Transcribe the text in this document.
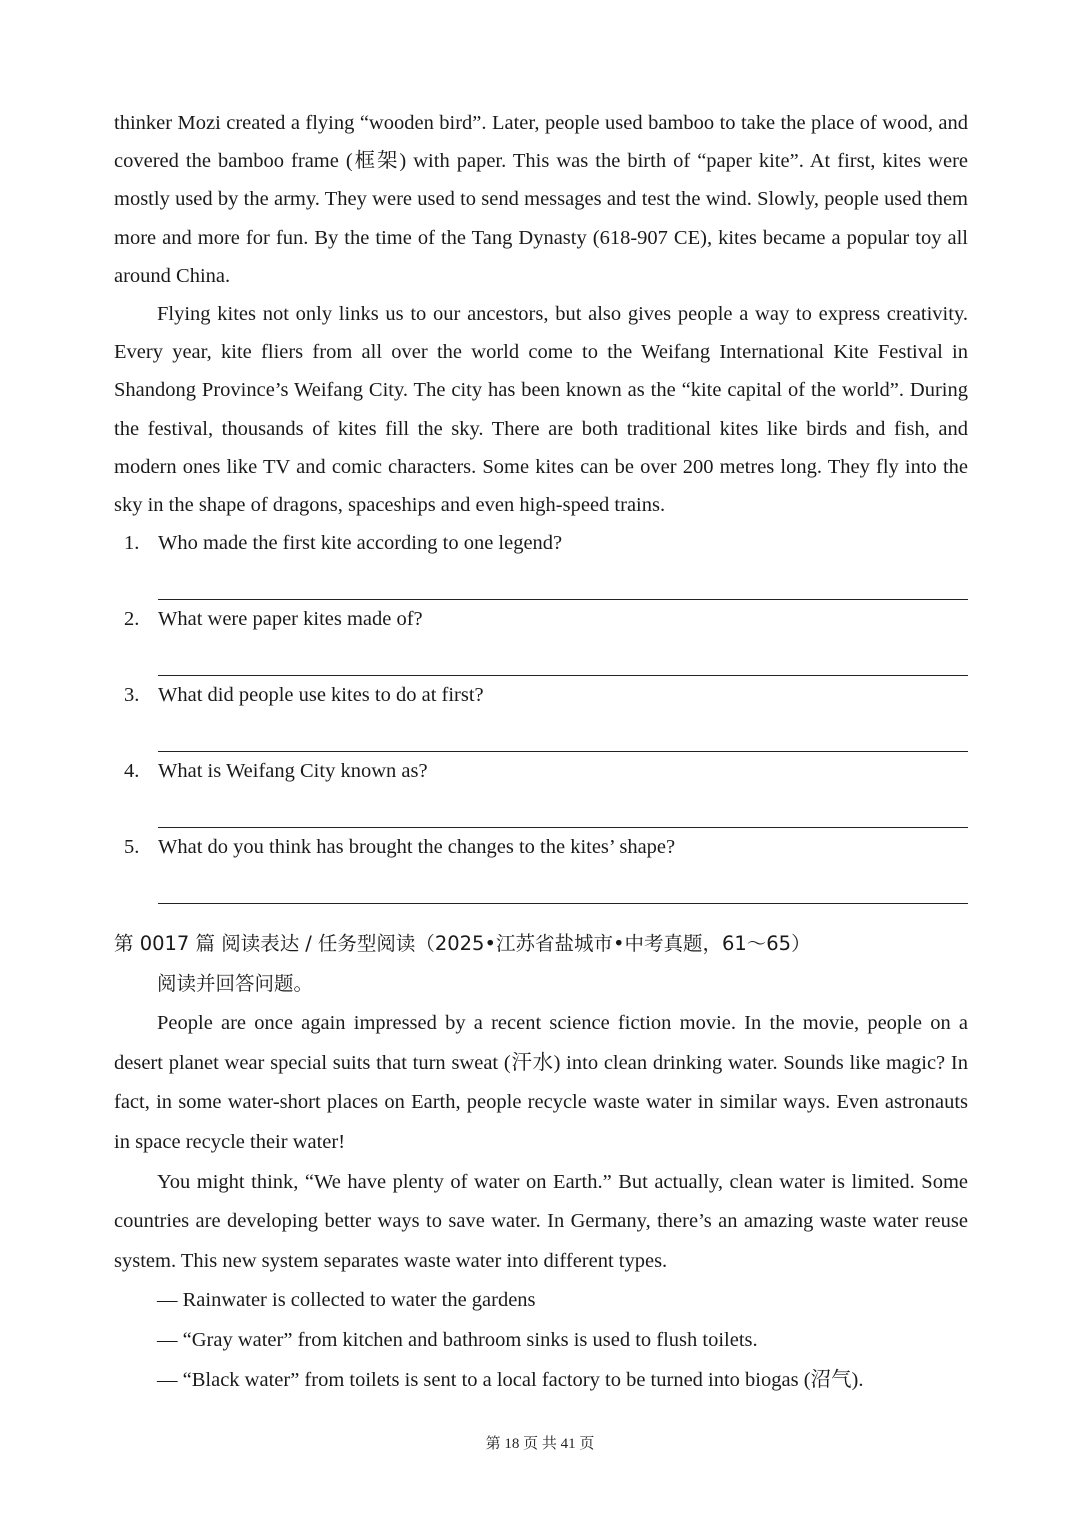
thinker Mozi created a flying “wooden bird”. Later, people used bamboo to take the place of wood, and covered the bamboo frame (框架) with paper. This was the birth of “paper kite”. At first, kites were mostly used by the army. They were used to send messages and test the wind. Slowly, people used them more and more for fun. By the time of the Tang Dynasty (618-907 CE), kites became a popular toy all around China.

Flying kites not only links us to our ancestors, but also gives people a way to express creativity. Every year, kite fliers from all over the world come to the Weifang International Kite Festival in Shandong Province’s Weifang City. The city has been known as the “kite capital of the world”. During the festival, thousands of kites fill the sky. There are both traditional kites like birds and fish, and modern ones like TV and comic characters. Some kites can be over 200 metres long. They fly into the sky in the shape of dragons, spaceships and even high-speed trains.

1. Who made the first kite according to one legend?
2. What were paper kites made of?
3. What did people use kites to do at first?
4. What is Weifang City known as?
5. What do you think has brought the changes to the kites’ shape?
第 0017 篇 阅读表达 / 任务型阅读（2025•江苏省盐城市•中考真题，61～65）

阅读并回答问题。

People are once again impressed by a recent science fiction movie. In the movie, people on a desert planet wear special suits that turn sweat (汗水) into clean drinking water. Sounds like magic? In fact, in some water-short places on Earth, people recycle waste water in similar ways. Even astronauts in space recycle their water!

You might think, “We have plenty of water on Earth.” But actually, clean water is limited. Some countries are developing better ways to save water. In Germany, there’s an amazing waste water reuse system. This new system separates waste water into different types.

— Rainwater is collected to water the gardens

— “Gray water” from kitchen and bathroom sinks is used to flush toilets.

— “Black water” from toilets is sent to a local factory to be turned into biogas (沼气).

第 18 页 共 41 页
